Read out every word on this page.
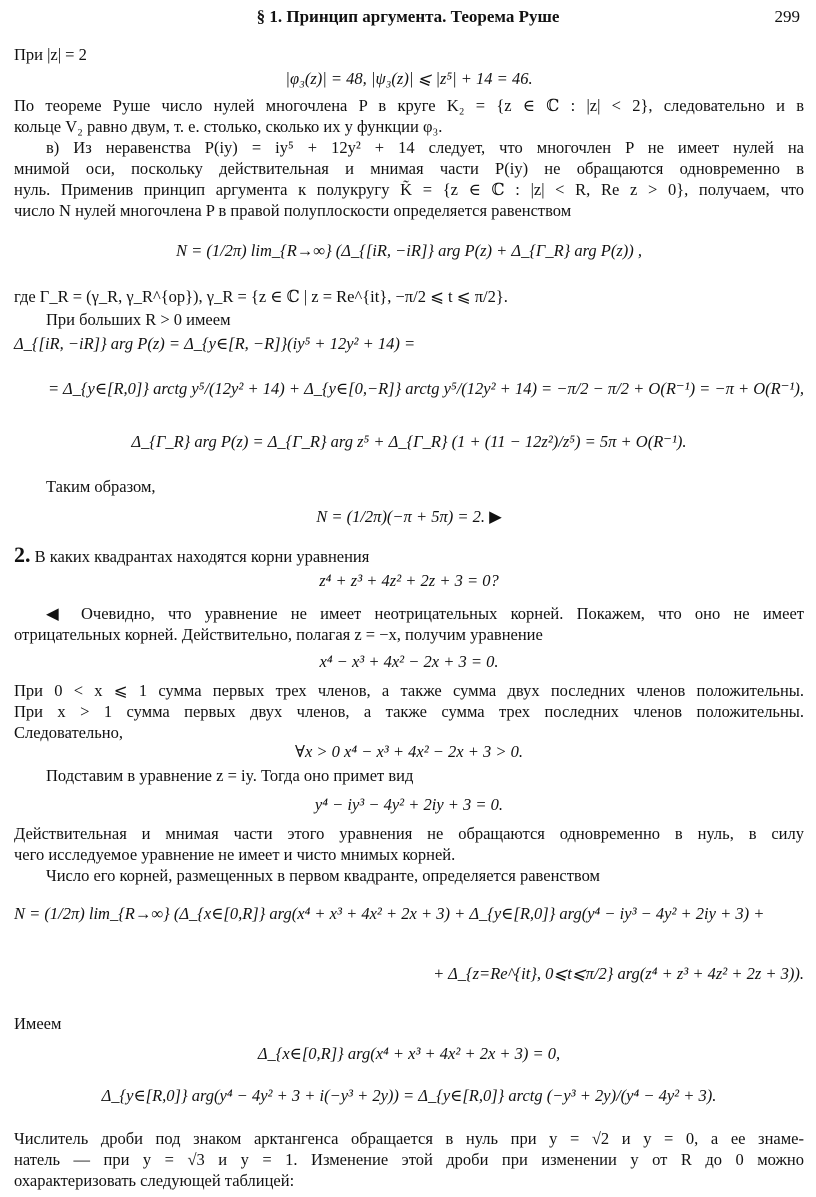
§ 1. Принцип аргумента. Теорема Руше	299
При |z| = 2
|φ₃(z)| = 48, |ψ₃(z)| ⩽ |z⁵| + 14 = 46.
По теореме Руше число нулей многочлена P в круге K₂ = {z ∈ ℂ : |z| < 2}, следовательно и в
кольце V₂ равно двум, т. е. столько, сколько их у функции φ₃.
в) Из неравенства P(iy) = iy⁵ + 12y² + 14 следует, что многочлен P не имеет нулей на
мнимой оси, поскольку действительная и мнимая части P(iy) не обращаются одновременно в
нуль. Применив принцип аргумента к полукругу K̃ = {z ∈ ℂ : |z| < R, Re z > 0}, получаем, что
число N нулей многочлена P в правой полуплоскости определяется равенством
N = (1/2π) lim_{R→∞} (Δ_{[iR, −iR]} arg P(z) + Δ_{Γ_R} arg P(z)) ,
где Γ_R = (γ_R, γ_R^{op}), γ_R = {z ∈ ℂ | z = Re^{it}, −π/2 ⩽ t ⩽ π/2}.
При больших R > 0 имеем
Δ_{[iR, −iR]} arg P(z) = Δ_{y∈[R, −R]}(iy⁵ + 12y² + 14) =
= Δ_{y∈[R,0]} arctg y⁵/(12y² + 14) + Δ_{y∈[0,−R]} arctg y⁵/(12y² + 14) = −π/2 − π/2 + O(R⁻¹) = −π + O(R⁻¹),
Δ_{Γ_R} arg P(z) = Δ_{Γ_R} arg z⁵ + Δ_{Γ_R} (1 + (11 − 12z²)/z⁵) = 5π + O(R⁻¹).
Таким образом,
N = (1/2π)(−π + 5π) = 2. ▶
z⁴ + z³ + 4z² + 2z + 3 = 0?
◀ Очевидно, что уравнение не имеет неотрицательных корней. Покажем, что оно не имеет
отрицательных корней. Действительно, полагая z = −x, получим уравнение
x⁴ − x³ + 4x² − 2x + 3 = 0.
При 0 < x ⩽ 1 сумма первых трех членов, а также сумма двух последних членов положительны.
При x > 1 сумма первых двух членов, а также сумма трех последних членов положительны.
Следовательно,
∀x > 0 x⁴ − x³ + 4x² − 2x + 3 > 0.
Подставим в уравнение z = iy. Тогда оно примет вид
y⁴ − iy³ − 4y² + 2iy + 3 = 0.
Действительная и мнимая части этого уравнения не обращаются одновременно в нуль, в силу
чего исследуемое уравнение не имеет и чисто мнимых корней.
Число его корней, размещенных в первом квадранте, определяется равенством
N = (1/2π) lim_{R→∞} (Δ_{x∈[0,R]} arg(x⁴ + x³ + 4x² + 2x + 3) + Δ_{y∈[R,0]} arg(y⁴ − iy³ − 4y² + 2iy + 3) +
+ Δ_{z=Re^{it}, 0⩽t⩽π/2} arg(z⁴ + z³ + 4z² + 2z + 3)).
Имеем
Δ_{x∈[0,R]} arg(x⁴ + x³ + 4x² + 2x + 3) = 0,
Δ_{y∈[R,0]} arg(y⁴ − 4y² + 3 + i(−y³ + 2y)) = Δ_{y∈[R,0]} arctg (−y³ + 2y)/(y⁴ − 4y² + 3).
Числитель дроби под знаком арктангенса обращается в нуль при y = √2 и y = 0, а ее знаме-
натель — при y = √3 и y = 1. Изменение этой дроби при изменении y от R до 0 можно
охарактеризовать следующей таблицей:
2. В каких квадрантах находятся корни уравнения
